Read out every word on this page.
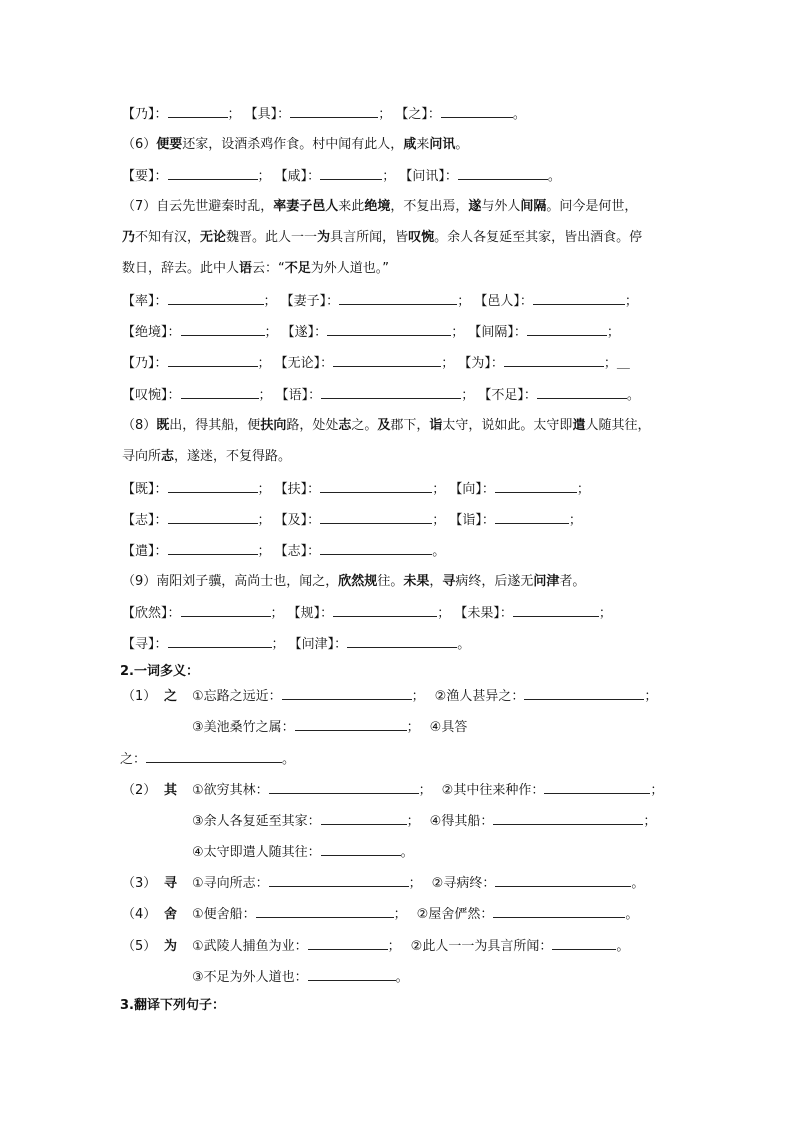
【乃】：	； 【具】：	； 【之】：	。
（6）便要还家，设酒杀鸡作食。村中闻有此人，咸来问讯。
【要】：	； 【咸】：	； 【问讯】：	。
（7）自云先世避秦时乱，率妻子邑人来此绝境，不复出焉，遂与外人间隔。问今是何世，
乃不知有汉，无论魏晋。此人一一为具言所闻，皆叹惋。余人各复延至其家，皆出酒食。停
数日，辞去。此中人语云：“不足为外人道也。”
【率】：	； 【妻子】：	； 【邑人】：	；
【绝境】：	； 【遂】：	； 【间隔】：	；
【乃】：	； 【无论】：	； 【为】：	；＿
【叹惋】：	； 【语】：	； 【不足】：	。
（8）既出，得其船，便扶向路，处处志之。及郡下，诣太守，说如此。太守即遣人随其往，
寻向所志，遂迷，不复得路。
【既】：	； 【扶】：	； 【向】：	；
【志】：	； 【及】：	； 【诣】：	；
【遣】：	； 【志】：	。
（9）南阳刘子骥，高尚士也，闻之，欣然规往。未果，寻病终，后遂无问津者。
【欣然】：	； 【规】：	； 【未果】：	；
【寻】：	； 【问津】：	。
2.一词多义：
（1） 之 ①忘路之远近：	； ②渔人甚异之：	；
③美池桑竹之属：	； ④具答
之：	。
（2） 其 ①欲穷其林：	； ②其中往来种作：	；
③余人各复延至其家：	； ④得其船：	；
④太守即遣人随其往：	。
（3） 寻 ①寻向所志：	； ②寻病终：	。
（4） 舍 ①便舍船：	； ②屋舍俨然：	。
（5） 为 ①武陵人捕鱼为业：	； ②此人一一为具言所闻：	。
③不足为外人道也：	。
3.翻译下列句子：
